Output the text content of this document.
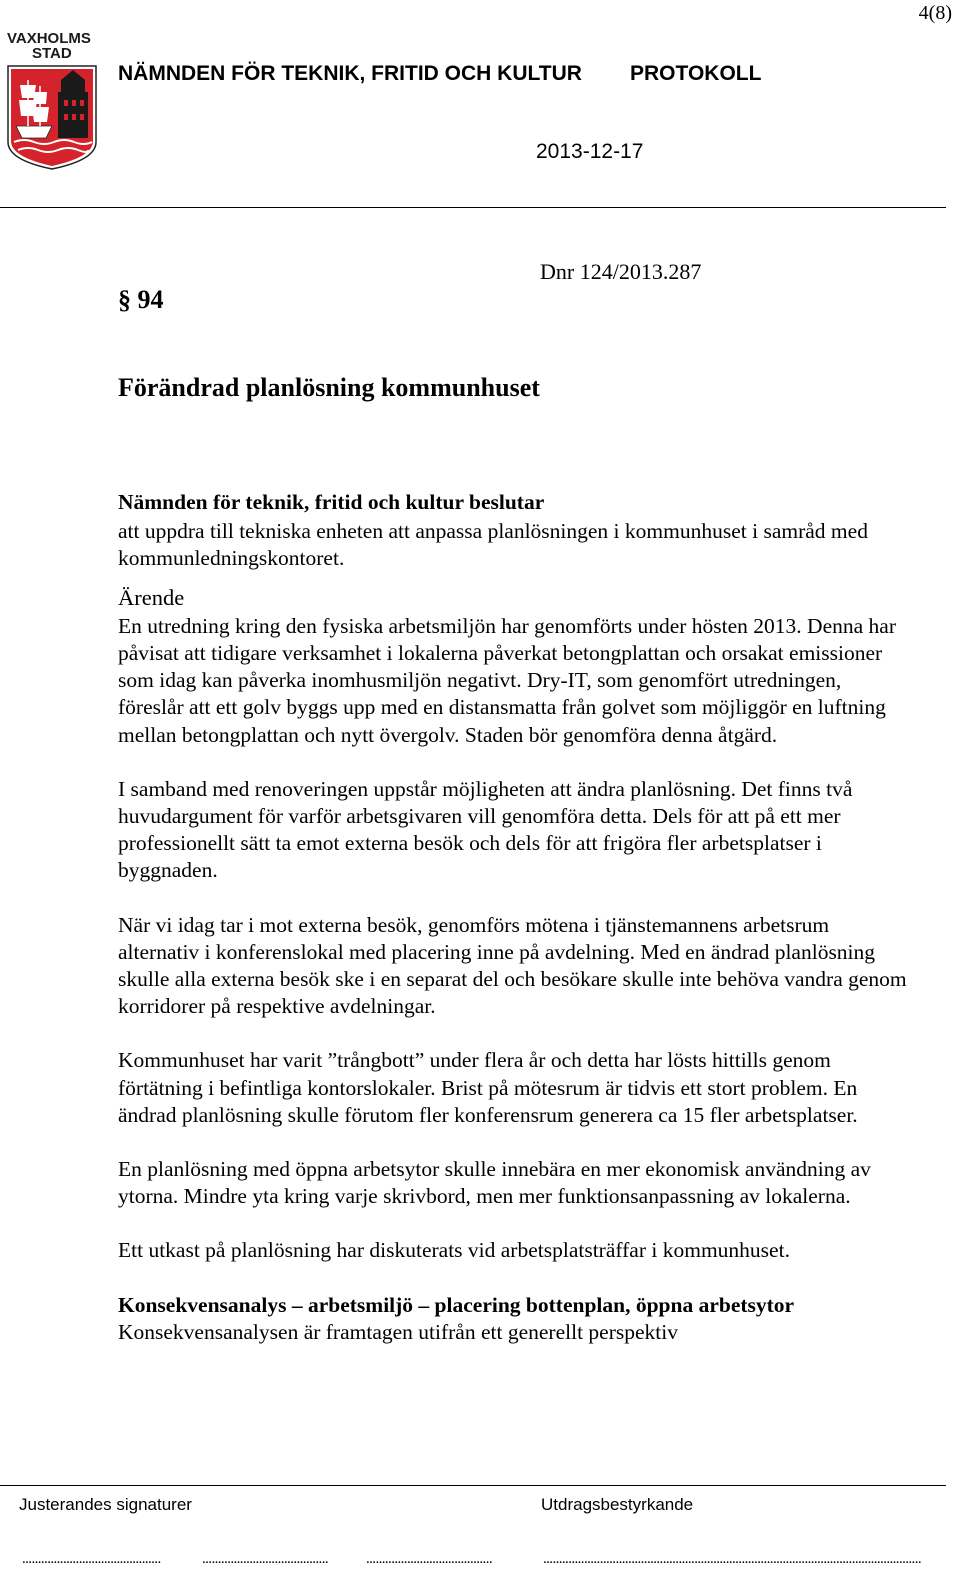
4(8)
VAXHOLMS
STAD
NÄMNDEN FÖR TEKNIK, FRITID OCH KULTUR PROTOKOLL
2013-12-17
Dnr 124/2013.287
§ 94
Förändrad planlösning kommunhuset

Nämnden för teknik, fritid och kultur beslutar

att uppdra till tekniska enheten att anpassa planlösningen i kommunhuset i samråd med kommunledningskontoret.

Ärende

En utredning kring den fysiska arbetsmiljön har genomförts under hösten 2013. Denna har påvisat att tidigare verksamhet i lokalerna påverkat betongplattan och orsakat emissioner som idag kan påverka inomhusmiljön negativt. Dry-IT, som genomfört utredningen, föreslår att ett golv byggs upp med en distansmatta från golvet som möjliggör en luftning mellan betongplattan och nytt övergolv. Staden bör genomföra denna åtgärd.

I samband med renoveringen uppstår möjligheten att ändra planlösning. Det finns två huvudargument för varför arbetsgivaren vill genomföra detta. Dels för att på ett mer professionellt sätt ta emot externa besök och dels för att frigöra fler arbetsplatser i byggnaden.

När vi idag tar i mot externa besök, genomförs mötena i tjänstemannens arbetsrum alternativ i konferenslokal med placering inne på avdelning. Med en ändrad planlösning skulle alla externa besök ske i en separat del och besökare skulle inte behöva vandra genom korridorer på respektive avdelningar.

Kommunhuset har varit ”trångbott” under flera år och detta har lösts hittills genom förtätning i befintliga kontorslokaler. Brist på mötesrum är tidvis ett stort problem. En ändrad planlösning skulle förutom fler konferensrum generera ca 15 fler arbetsplatser.

En planlösning med öppna arbetsytor skulle innebära en mer ekonomisk användning av ytorna. Mindre yta kring varje skrivbord, men mer funktionsanpassning av lokalerna.

Ett utkast på planlösning har diskuterats vid arbetsplatsträffar i kommunhuset.

Konsekvensanalys – arbetsmiljö – placering bottenplan, öppna arbetsytor

Konsekvensanalysen är framtagen utifrån ett generellt perspektiv

Justerandes signaturer	Utdragsbestyrkande
............................................	........................................	........................................	........................................................................................................................
